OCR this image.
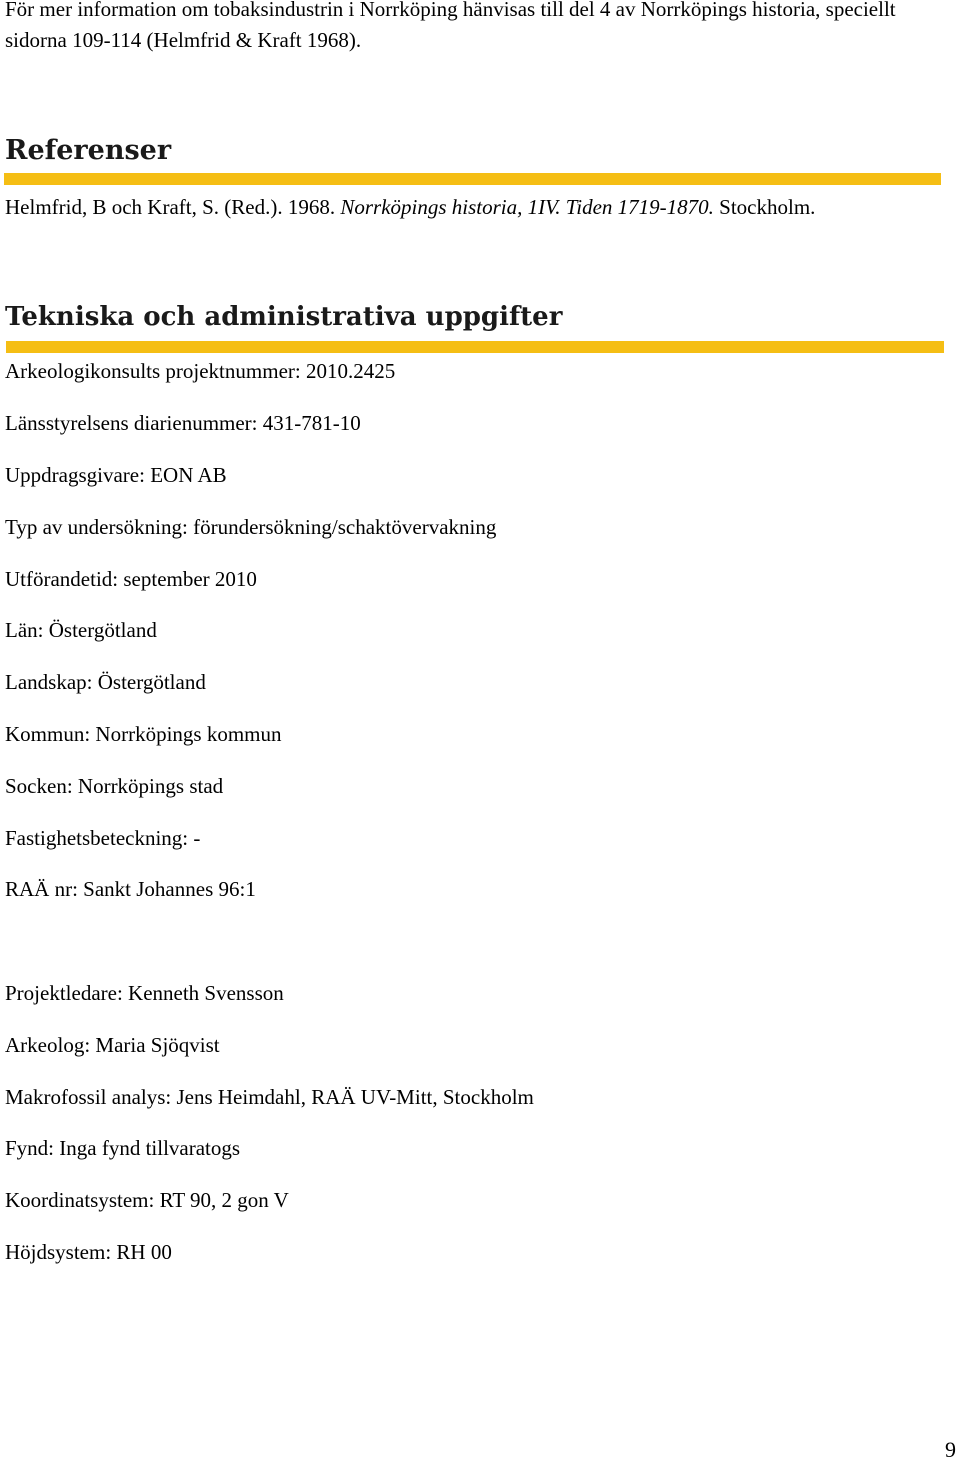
För mer information om tobaksindustrin i Norrköping hänvisas till del 4 av Norrköpings historia, speciellt sidorna 109-114 (Helmfrid & Kraft 1968).

Referenser

Helmfrid, B och Kraft, S. (Red.). 1968. Norrköpings historia, 1IV. Tiden 1719-1870. Stockholm.

Tekniska och administrativa uppgifter

Arkeologikonsults projektnummer: 2010.2425

Länsstyrelsens diarienummer: 431-781-10

Uppdragsgivare: EON AB

Typ av undersökning: förundersökning/schaktövervakning

Utförandetid: september 2010

Län: Östergötland

Landskap: Östergötland

Kommun: Norrköpings kommun

Socken: Norrköpings stad

Fastighetsbeteckning: -

RAÄ nr: Sankt Johannes 96:1

Projektledare: Kenneth Svensson

Arkeolog: Maria Sjöqvist

Makrofossil analys: Jens Heimdahl, RAÄ UV-Mitt, Stockholm

Fynd: Inga fynd tillvaratogs

Koordinatsystem: RT 90, 2 gon V

Höjdsystem: RH 00

9
